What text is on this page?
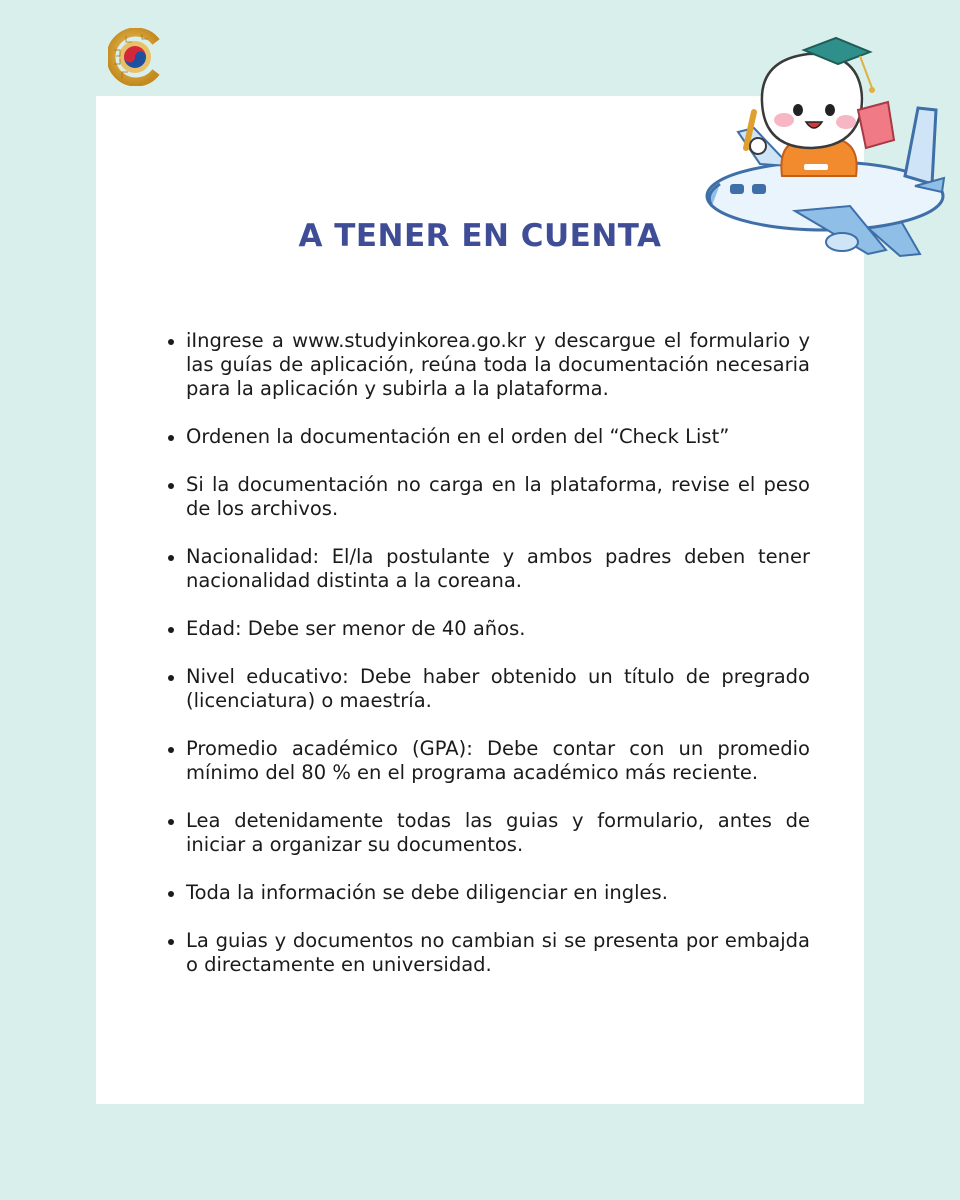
A TENER EN CUENTA
iIngrese a www.studyinkorea.go.kr y descargue el formulario y las guías de aplicación, reúna toda la documentación necesaria para la aplicación y subirla a la plataforma.
Ordenen la documentación en el orden del “Check List”
Si la documentación no carga en la plataforma, revise el peso de los archivos.
Nacionalidad: El/la postulante y ambos padres deben tener nacionalidad distinta a la coreana.
Edad: Debe ser menor de 40 años.
Nivel educativo: Debe haber obtenido un título de pregrado (licenciatura) o maestría.
Promedio académico (GPA): Debe contar con un promedio mínimo del 80 % en el programa académico más reciente.
Lea detenidamente todas las guias y formulario, antes de iniciar a organizar su documentos.
Toda la información se debe diligenciar en ingles.
La guias y documentos no cambian si se presenta por embajda o directamente en universidad.
